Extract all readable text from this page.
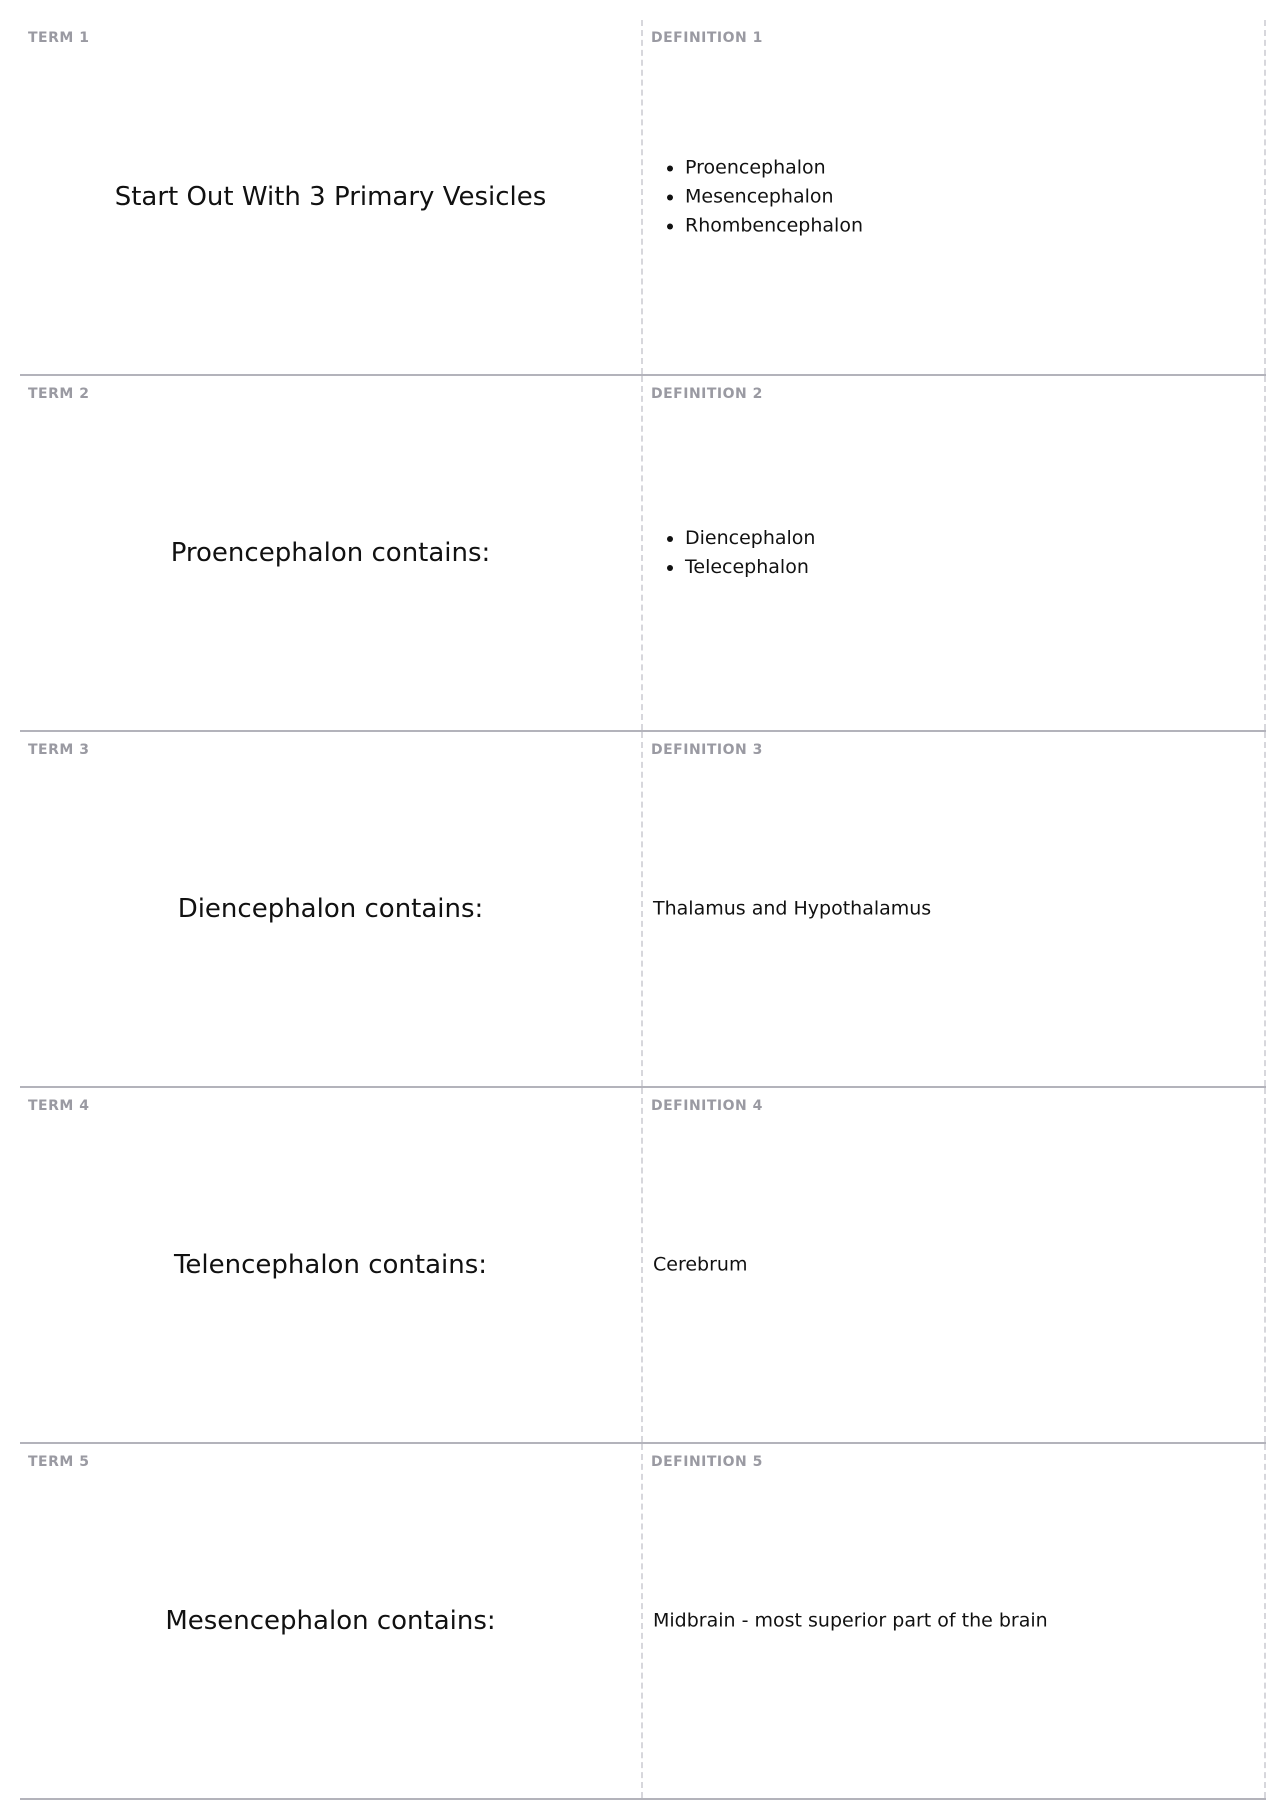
TERM 1
Start Out With 3 Primary Vesicles
DEFINITION 1
• Proencephalon
• Mesencephalon
• Rhombencephalon
TERM 2
Proencephalon contains:
DEFINITION 2
• Diencephalon
• Telecephalon
TERM 3
Diencephalon contains:
DEFINITION 3

Thalamus and Hypothalamus

TERM 4
Telencephalon contains:
DEFINITION 4

Cerebrum

TERM 5
Mesencephalon contains:
DEFINITION 5

Midbrain - most superior part of the brain
